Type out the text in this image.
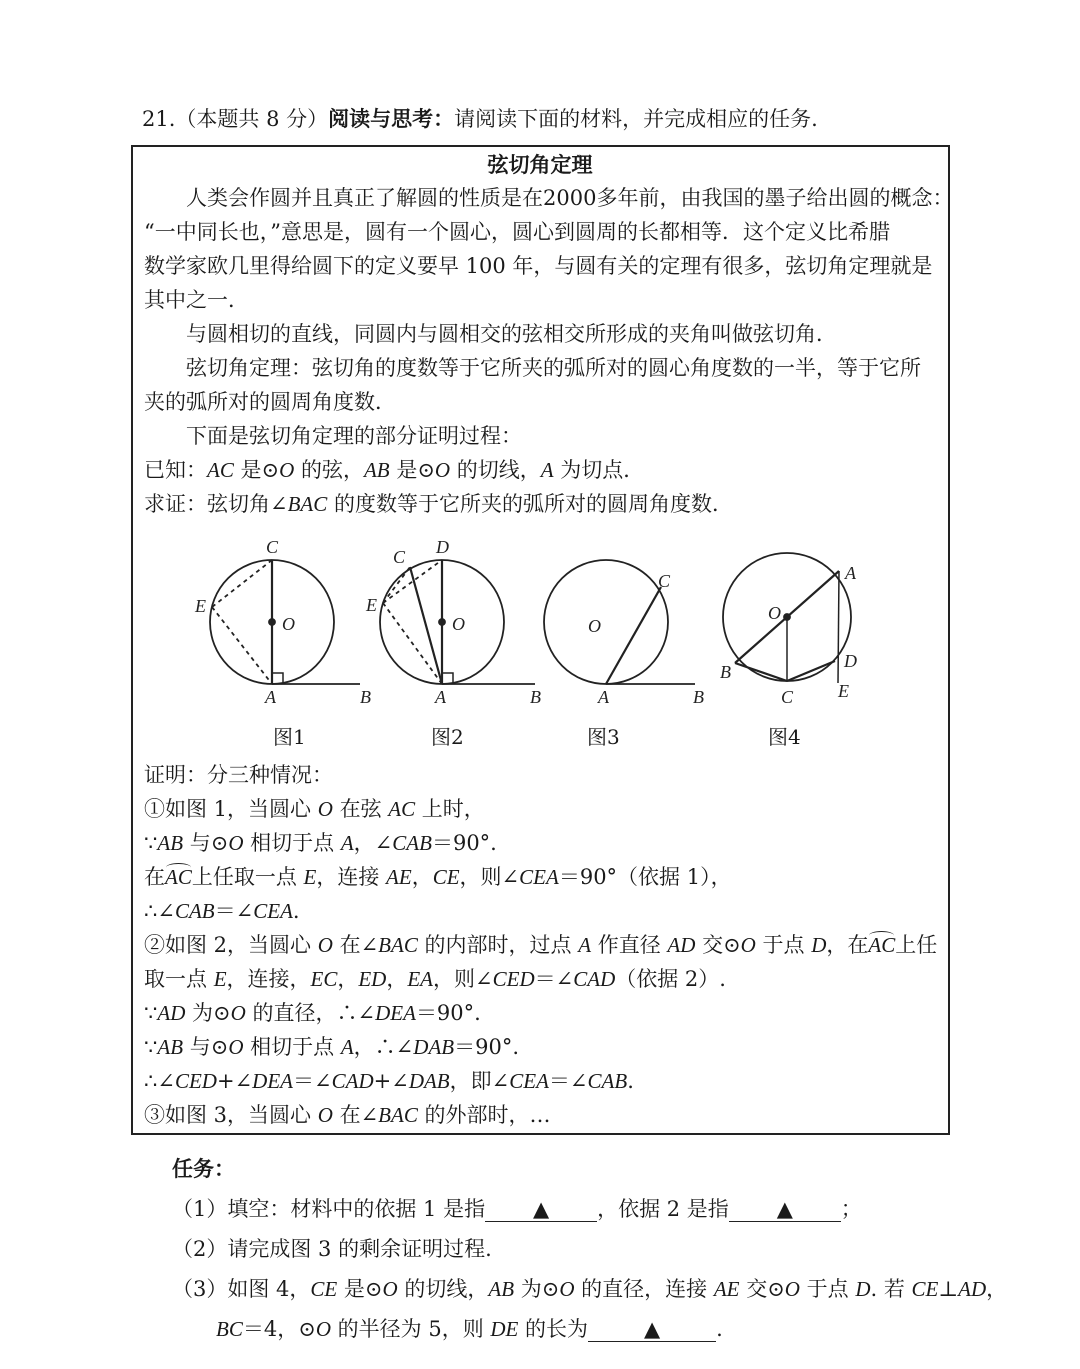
21.（本题共 8 分）阅读与思考：请阅读下面的材料，并完成相应的任务.
弦切角定理
人类会作圆并且真正了解圆的性质是在2000多年前，由我国的墨子给出圆的概念：
“一中同长也，”意思是，圆有一个圆心，圆心到圆周的长都相等．这个定义比希腊
数学家欧几里得给圆下的定义要早 100 年，与圆有关的定理有很多，弦切角定理就是
其中之一．
与圆相切的直线，同圆内与圆相交的弦相交所形成的夹角叫做弦切角．
弦切角定理：弦切角的度数等于它所夹的弧所对的圆心角度数的一半，等于它所
夹的弧所对的圆周角度数．
下面是弦切角定理的部分证明过程：
已知：AC 是⊙O 的弦，AB 是⊙O 的切线，A 为切点．
求证：弦切角∠BAC 的度数等于它所夹的弧所对的圆周角度数．
C
E
O
A	B
C D
E
O
A	B
C
O
A	B
A
O
B
C
D
E
图1	图2	图3	图4
证明：分三种情况：
①如图 1，当圆心 O 在弦 AC 上时，
∵AB 与⊙O 相切于点 A，∠CAB＝90°.
在AC上任取一点 E，连接 AE，CE，则∠CEA＝90°（依据 1），
∴∠CAB＝∠CEA.
②如图 2，当圆心 O 在∠BAC 的内部时，过点 A 作直径 AD 交⊙O 于点 D，在AC上任
取一点 E，连接，EC，ED，EA，则∠CED＝∠CAD（依据 2）.
∵AD 为⊙O 的直径，∴∠DEA＝90°.
∵AB 与⊙O 相切于点 A，∴∠DAB＝90°.
∴∠CED+∠DEA＝∠CAD+∠DAB，即∠CEA＝∠CAB.
③如图 3，当圆心 O 在∠BAC 的外部时，…
任务：
（1）填空：材料中的依据 1 是指 ▲ ，依据 2 是指 ▲ ；
（2）请完成图 3 的剩余证明过程.
（3）如图 4，CE 是⊙O 的切线，AB 为⊙O 的直径，连接 AE 交⊙O 于点 D. 若 CE⊥AD，
BC＝4，⊙O 的半径为 5，则 DE 的长为	▲	.
